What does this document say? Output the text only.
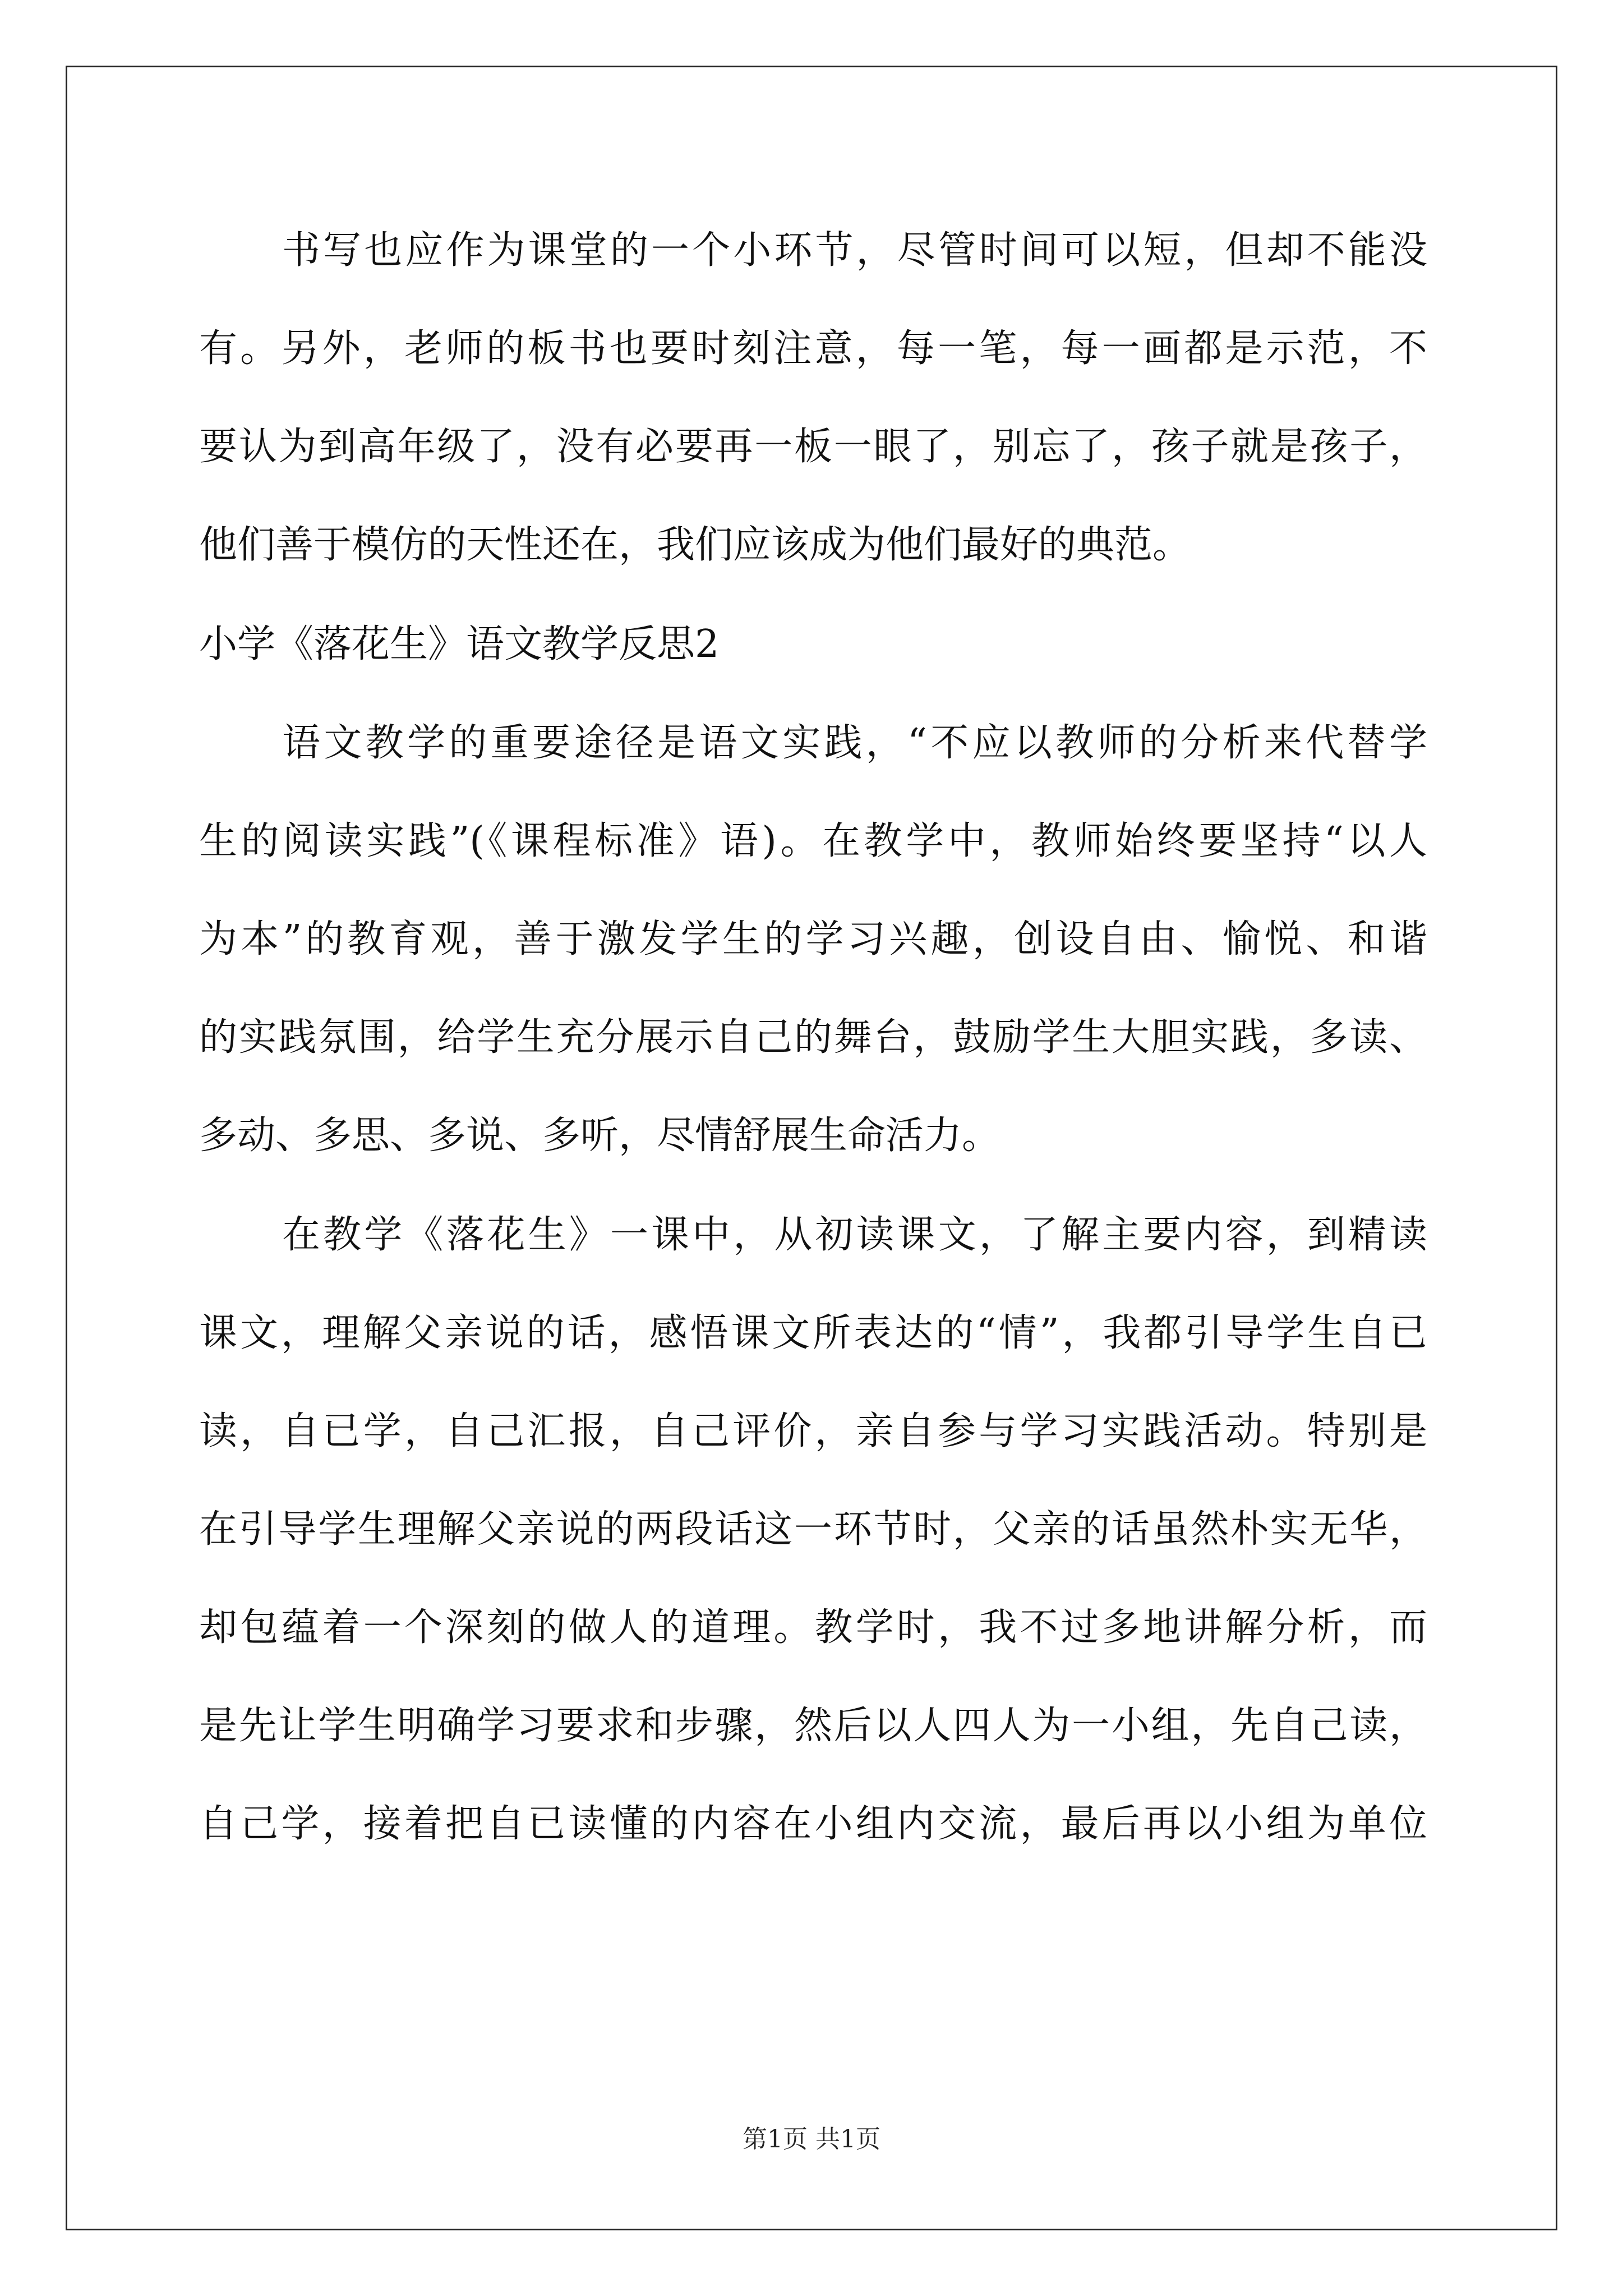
书写也应作为课堂的一个小环节，尽管时间可以短，但却不能没
有。另外，老师的板书也要时刻注意，每一笔，每一画都是示范，不
要认为到高年级了，没有必要再一板一眼了，别忘了，孩子就是孩子，
他们善于模仿的天性还在，我们应该成为他们最好的典范。
小学《落花生》语文教学反思2
语文教学的重要途径是语文实践，“不应以教师的分析来代替学
生的阅读实践”(《课程标准》语)。在教学中，教师始终要坚持“以人
为本”的教育观，善于激发学生的学习兴趣，创设自由、愉悦、和谐
的实践氛围，给学生充分展示自己的舞台，鼓励学生大胆实践，多读、
多动、多思、多说、多听，尽情舒展生命活力。
在教学《落花生》一课中，从初读课文，了解主要内容，到精读
课文，理解父亲说的话，感悟课文所表达的“情”，我都引导学生自已
读，自已学，自己汇报，自己评价，亲自参与学习实践活动。特别是
在引导学生理解父亲说的两段话这一环节时，父亲的话虽然朴实无华，
却包蕴着一个深刻的做人的道理。教学时，我不过多地讲解分析，而
是先让学生明确学习要求和步骤，然后以人四人为一小组，先自己读，
自己学，接着把自已读懂的内容在小组内交流，最后再以小组为单位
第1页 共1页
